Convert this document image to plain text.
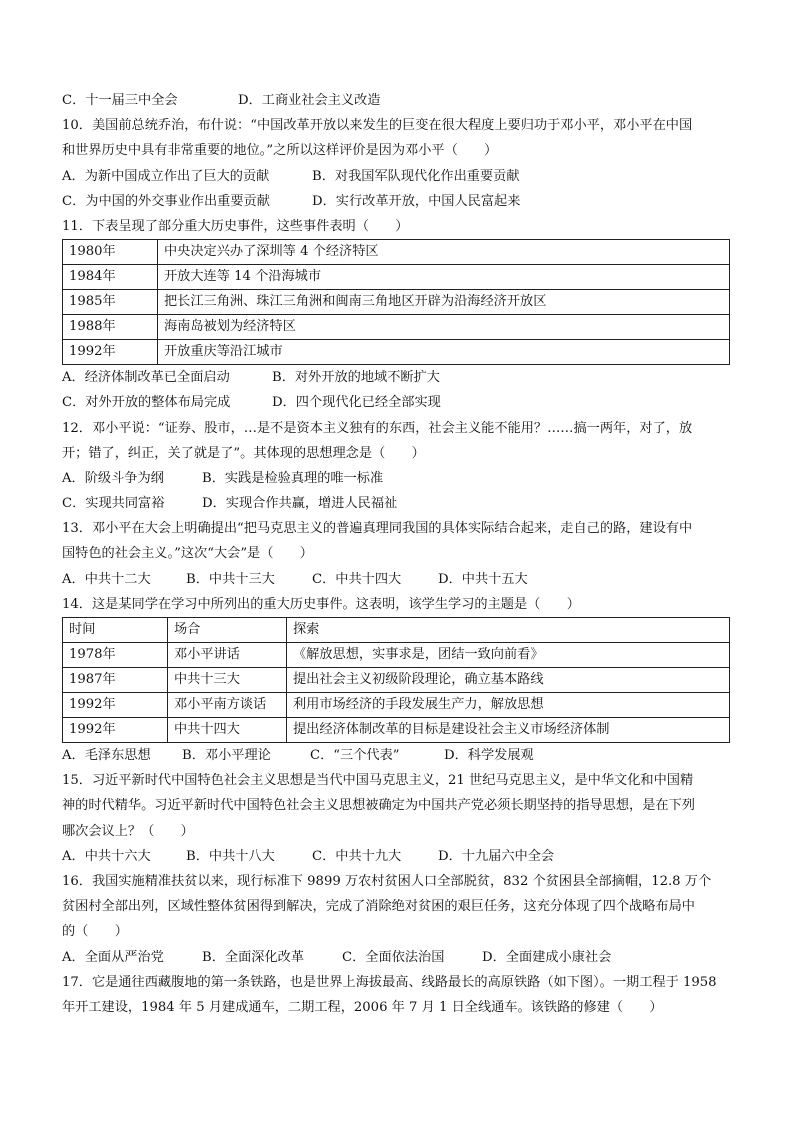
C．十一届三中全会	D．工商业社会主义改造
10．美国前总统乔治，布什说：“中国改革开放以来发生的巨变在很大程度上要归功于邓小平，邓小平在中国
和世界历史中具有非常重要的地位。”之所以这样评价是因为邓小平（　　）
A．为新中国成立作出了巨大的贡献	B．对我国军队现代化作出重要贡献
C．为中国的外交事业作出重要贡献	D．实行改革开放，中国人民富起来
11．下表呈现了部分重大历史事件，这些事件表明（　　）
1980年	中央决定兴办了深圳等 4 个经济特区
1984年	开放大连等 14 个沿海城市
1985年	把长江三角洲、珠江三角洲和闽南三角地区开辟为沿海经济开放区
1988年	海南岛被划为经济特区
1992年	开放重庆等沿江城市
A．经济体制改革已全面启动	B．对外开放的地域不断扩大
C．对外开放的整体布局完成	D．四个现代化已经全部实现
12．邓小平说：“证券、股市，…是不是资本主义独有的东西，社会主义能不能用？……搞一两年，对了，放
开；错了，纠正，关了就是了”。其体现的思想理念是（　　）
A．阶级斗争为纲	B．实践是检验真理的唯一标准
C．实现共同富裕	D．实现合作共赢，增进人民福祉
13．邓小平在大会上明确提出“把马克思主义的普遍真理同我国的具体实际结合起来，走自己的路，建设有中
国特色的社会主义。”这次“大会”是（　　）
A．中共十二大	B．中共十三大	C．中共十四大	D．中共十五大
14．这是某同学在学习中所列出的重大历史事件。这表明，该学生学习的主题是（　　）
时间	场合	探索
1978年	邓小平讲话	《解放思想，实事求是，团结一致向前看》
1987年	中共十三大	提出社会主义初级阶段理论，确立基本路线
1992年	邓小平南方谈话	利用市场经济的手段发展生产力，解放思想
1992年	中共十四大	提出经济体制改革的目标是建设社会主义市场经济体制
A．毛泽东思想	B．邓小平理论	C．“三个代表”	D．科学发展观
15．习近平新时代中国特色社会主义思想是当代中国马克思主义，21 世纪马克思主义，是中华文化和中国精
神的时代精华。习近平新时代中国特色社会主义思想被确定为中国共产党必须长期坚持的指导思想，是在下列
哪次会议上？（　　）
A．中共十六大	B．中共十八大	C．中共十九大	D．十九届六中全会
16．我国实施精准扶贫以来，现行标准下 9899 万农村贫困人口全部脱贫，832 个贫困县全部摘帽，12.8 万个
贫困村全部出列，区域性整体贫困得到解决，完成了消除绝对贫困的艰巨任务，这充分体现了四个战略布局中
的（　　）
A．全面从严治党	B．全面深化改革	C．全面依法治国	D．全面建成小康社会
17．它是通往西藏腹地的第一条铁路，也是世界上海拔最高、线路最长的高原铁路（如下图）。一期工程于 1958
年开工建设，1984 年 5 月建成通车，二期工程，2006 年 7 月 1 日全线通车。该铁路的修建（　　）
